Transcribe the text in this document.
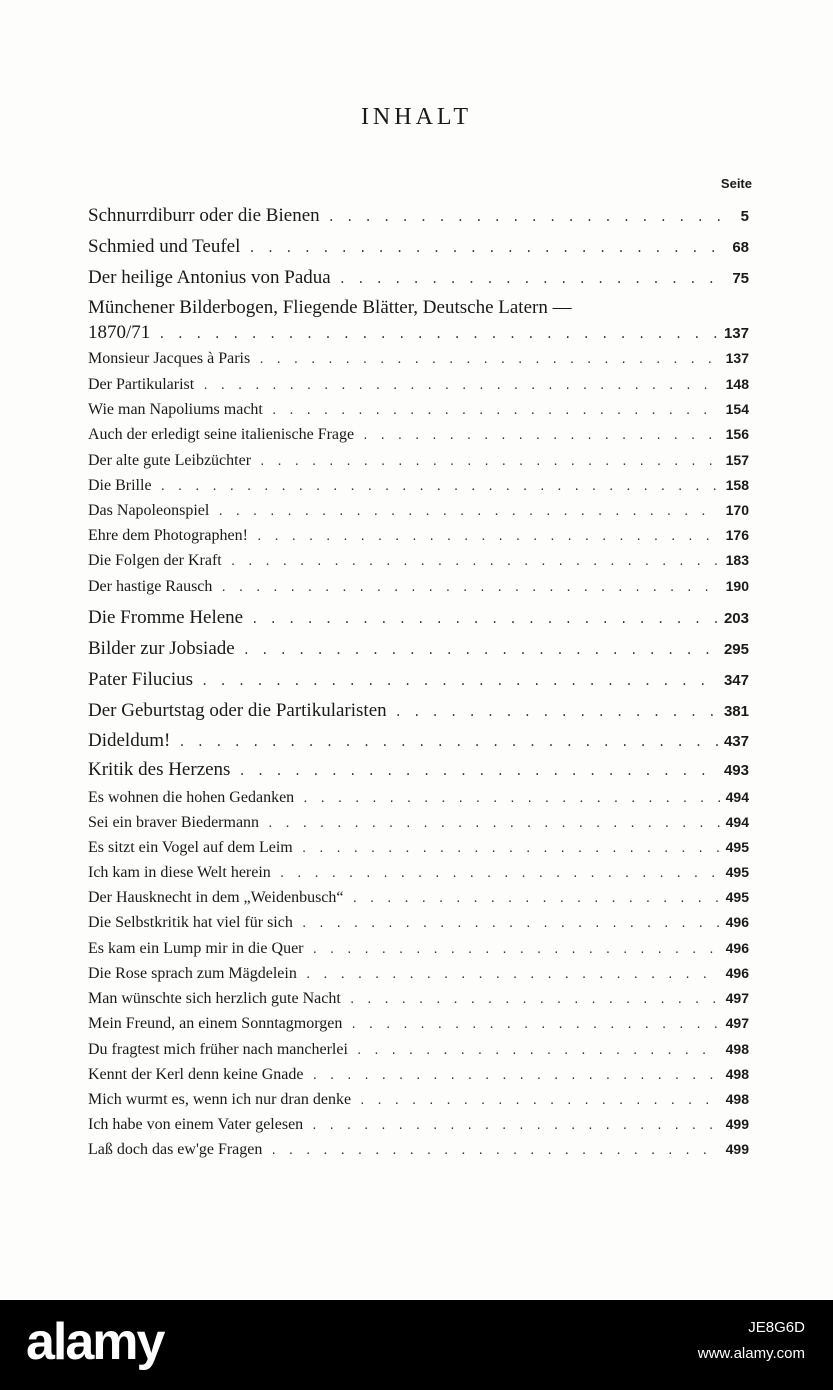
INHALT
Seite
Schnurrdiburr oder die Bienen . . .	5
Schmied und Teufel . . .	68
Der heilige Antonius von Padua . . .	75
Münchener Bilderbogen, Fliegende Blätter, Deutsche Latern —
1870/71 . . .	137
Monsieur Jacques à Paris . . .	137
Der Partikularist . . .	148
Wie man Napoliums macht . . .	154
Auch der erledigt seine italienische Frage . . .	156
Der alte gute Leibzüchter . . .	157
Die Brille . . .	158
Das Napoleonspiel . . .	170
Ehre dem Photographen! . . .	176
Die Folgen der Kraft . . .	183
Der hastige Rausch . . .	190
Die Fromme Helene . . .	203
Bilder zur Jobsiade . . .	295
Pater Filucius . . .	347
Der Geburtstag oder die Partikularisten . . .	381
Dideldum! . . .	437
Kritik des Herzens . . .	493
Es wohnen die hohen Gedanken . . .	494
Sei ein braver Biedermann . . .	494
Es sitzt ein Vogel auf dem Leim . . .	495
Ich kam in diese Welt herein . . .	495
Der Hausknecht in dem „Weidenbusch“ . . .	495
Die Selbstkritik hat viel für sich . . .	496
Es kam ein Lump mir in die Quer . . .	496
Die Rose sprach zum Mägdelein . . .	496
Man wünschte sich herzlich gute Nacht . . .	497
Mein Freund, an einem Sonntagmorgen . . .	497
Du fragtest mich früher nach mancherlei . . .	498
Kennt der Kerl denn keine Gnade . . .	498
Mich wurmt es, wenn ich nur dran denke . . .	498
Ich habe von einem Vater gelesen . . .	499
Laß doch das ew'ge Fragen . . .	499
alamy	JE8G6D
www.alamy.com
